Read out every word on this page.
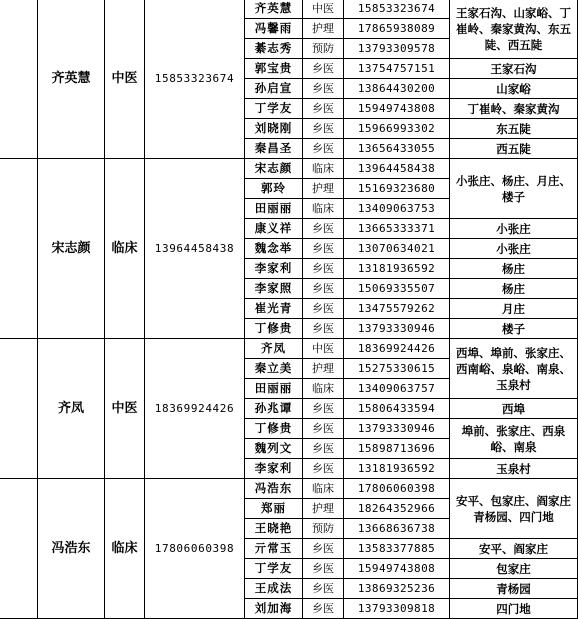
	齐英慧	中医	15853323674	齐英慧	中医	15853323674	王家石沟、山家峪、丁崔岭、秦家黄沟、东五陡、西五陡
				冯馨雨	护理	17865938089	
				綦志秀	预防	13793309578	
				郭宝贵	乡医	13754757151	王家石沟
				孙启宣	乡医	13864430200	山家峪
				丁学友	乡医	15949743808	丁崔岭、秦家黄沟
				刘晓刚	乡医	15966993302	东五陡
				秦昌圣	乡医	13656433055	西五陡
	宋志颜	临床	13964458438	宋志颜	临床	13964458438	小张庄、杨庄、月庄、楼子
				郭玲	护理	15169323680	
				田丽丽	临床	13409063753	
				康义祥	乡医	13665333371	小张庄
				魏念举	乡医	13070634021	小张庄
				李家利	乡医	13181936592	杨庄
				李家照	乡医	15069335507	杨庄
				崔光青	乡医	13475579262	月庄
				丁修贵	乡医	13793330946	楼子
	齐凤	中医	18369924426	齐凤	中医	18369924426	西埠、埠前、张家庄、西南峪、泉峪、南泉、玉泉村
				秦立美	护理	15275330615	
				田丽丽	临床	13409063757	
				孙兆谭	乡医	15806433594	西埠
				丁修贵	乡医	13793330946	埠前、张家庄、西泉峪、南泉
				魏列文	乡医	15898713696	
				李家利	乡医	13181936592	玉泉村
	冯浩东	临床	17806060398	冯浩东	临床	17806060398	安平、包家庄、阎家庄青杨园、四门地
				郑丽	护理	18264352966	
				王晓艳	预防	13668636738	
				亓常玉	乡医	13583377885	安平、阎家庄
				丁学友	乡医	15949743808	包家庄
				王成法	乡医	13869325236	青杨园
				刘加海	乡医	13793309818	四门地
